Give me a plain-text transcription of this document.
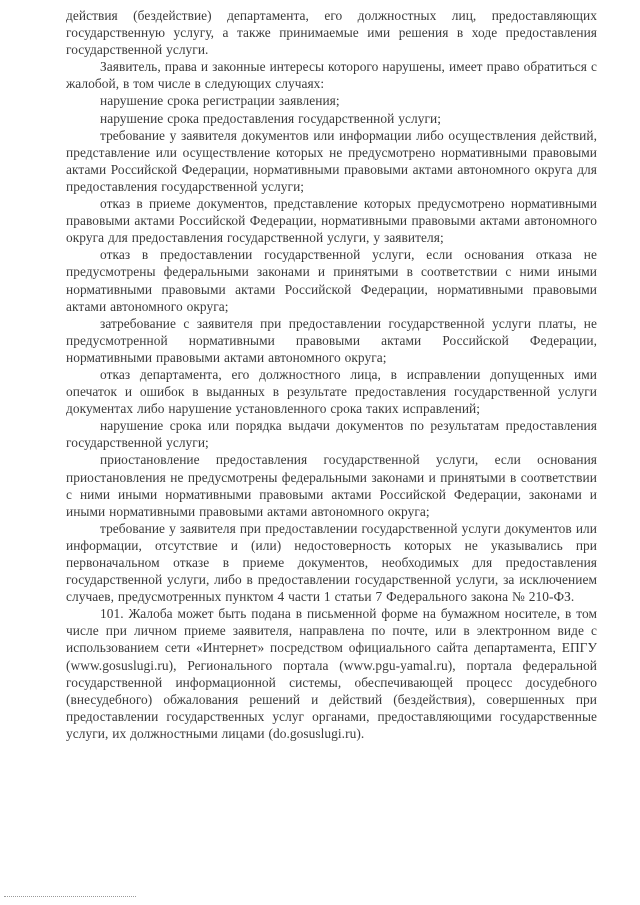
действия (бездействие) департамента, его должностных лиц, предоставляющих государственную услугу, а также принимаемые ими решения в ходе предоставления государственной услуги.

Заявитель, права и законные интересы которого нарушены, имеет право обратиться с жалобой, в том числе в следующих случаях:

нарушение срока регистрации заявления;

нарушение срока предоставления государственной услуги;

требование у заявителя документов или информации либо осуществления действий, представление или осуществление которых не предусмотрено нормативными правовыми актами Российской Федерации, нормативными правовыми актами автономного округа для предоставления государственной услуги;

отказ в приеме документов, представление которых предусмотрено нормативными правовыми актами Российской Федерации, нормативными правовыми актами автономного округа для предоставления государственной услуги, у заявителя;

отказ в предоставлении государственной услуги, если основания отказа не предусмотрены федеральными законами и принятыми в соответствии с ними иными нормативными правовыми актами Российской Федерации, нормативными правовыми актами автономного округа;

затребование с заявителя при предоставлении государственной услуги платы, не предусмотренной нормативными правовыми актами Российской Федерации, нормативными правовыми актами автономного округа;

отказ департамента, его должностного лица, в исправлении допущенных ими опечаток и ошибок в выданных в результате предоставления государственной услуги документах либо нарушение установленного срока таких исправлений;

нарушение срока или порядка выдачи документов по результатам предоставления государственной услуги;

приостановление предоставления государственной услуги, если основания приостановления не предусмотрены федеральными законами и принятыми в соответствии с ними иными нормативными правовыми актами Российской Федерации, законами и иными нормативными правовыми актами автономного округа;

требование у заявителя при предоставлении государственной услуги документов или информации, отсутствие и (или) недостоверность которых не указывались при первоначальном отказе в приеме документов, необходимых для предоставления государственной услуги, либо в предоставлении государственной услуги, за исключением случаев, предусмотренных пунктом 4 части 1 статьи 7 Федерального закона № 210-ФЗ.

101. Жалоба может быть подана в письменной форме на бумажном носителе, в том числе при личном приеме заявителя, направлена по почте, или в электронном виде с использованием сети «Интернет» посредством официального сайта департамента, ЕПГУ (www.gosuslugi.ru), Регионального портала (www.pgu-yamal.ru), портала федеральной государственной информационной системы, обеспечивающей процесс досудебного (внесудебного) обжалования решений и действий (бездействия), совершенных при предоставлении государственных услуг органами, предоставляющими государственные услуги, их должностными лицами (do.gosuslugi.ru).
